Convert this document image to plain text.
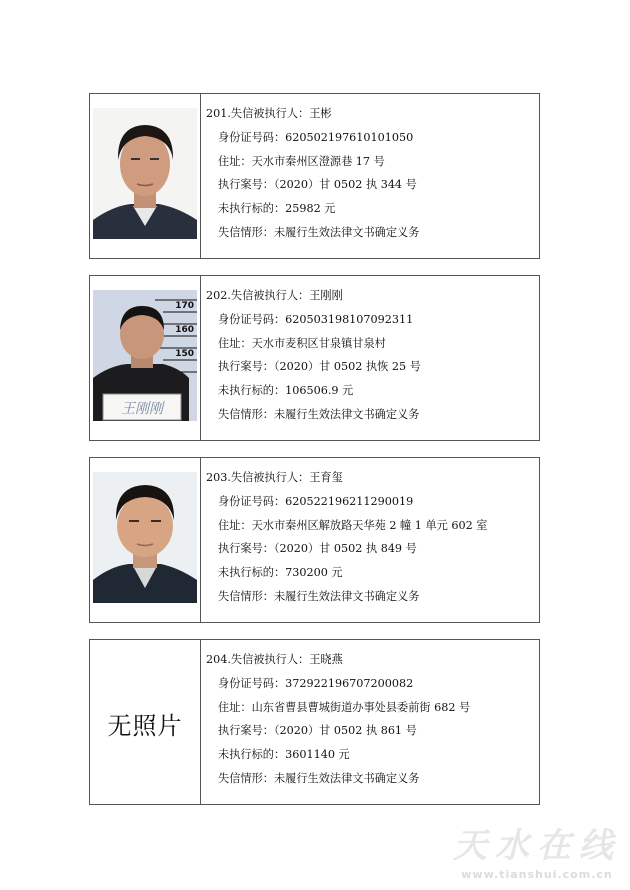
201.失信被执行人：王彬
身份证号码：620502197610101050
住址：天水市秦州区澄源巷 17 号
执行案号：（2020）甘 0502 执 344 号
未执行标的：25982 元
失信情形：未履行生效法律文书确定义务
170
160
150
王刚刚
202.失信被执行人：王刚刚
身份证号码：620503198107092311
住址：天水市麦积区甘泉镇甘泉村
执行案号：（2020）甘 0502 执恢 25 号
未执行标的：106506.9 元
失信情形：未履行生效法律文书确定义务
203.失信被执行人：王育玺
身份证号码：620522196211290019
住址：天水市秦州区解放路天华苑 2 幢 1 单元 602 室
执行案号：（2020）甘 0502 执 849 号
未执行标的：730200 元
失信情形：未履行生效法律文书确定义务
无照片
204.失信被执行人：王晓燕
身份证号码：372922196707200082
住址：山东省曹县曹城街道办事处县委前街 682 号
执行案号：（2020）甘 0502 执 861 号
未执行标的：3601140 元
失信情形：未履行生效法律文书确定义务
天水在线
www.tianshui.com.cn
